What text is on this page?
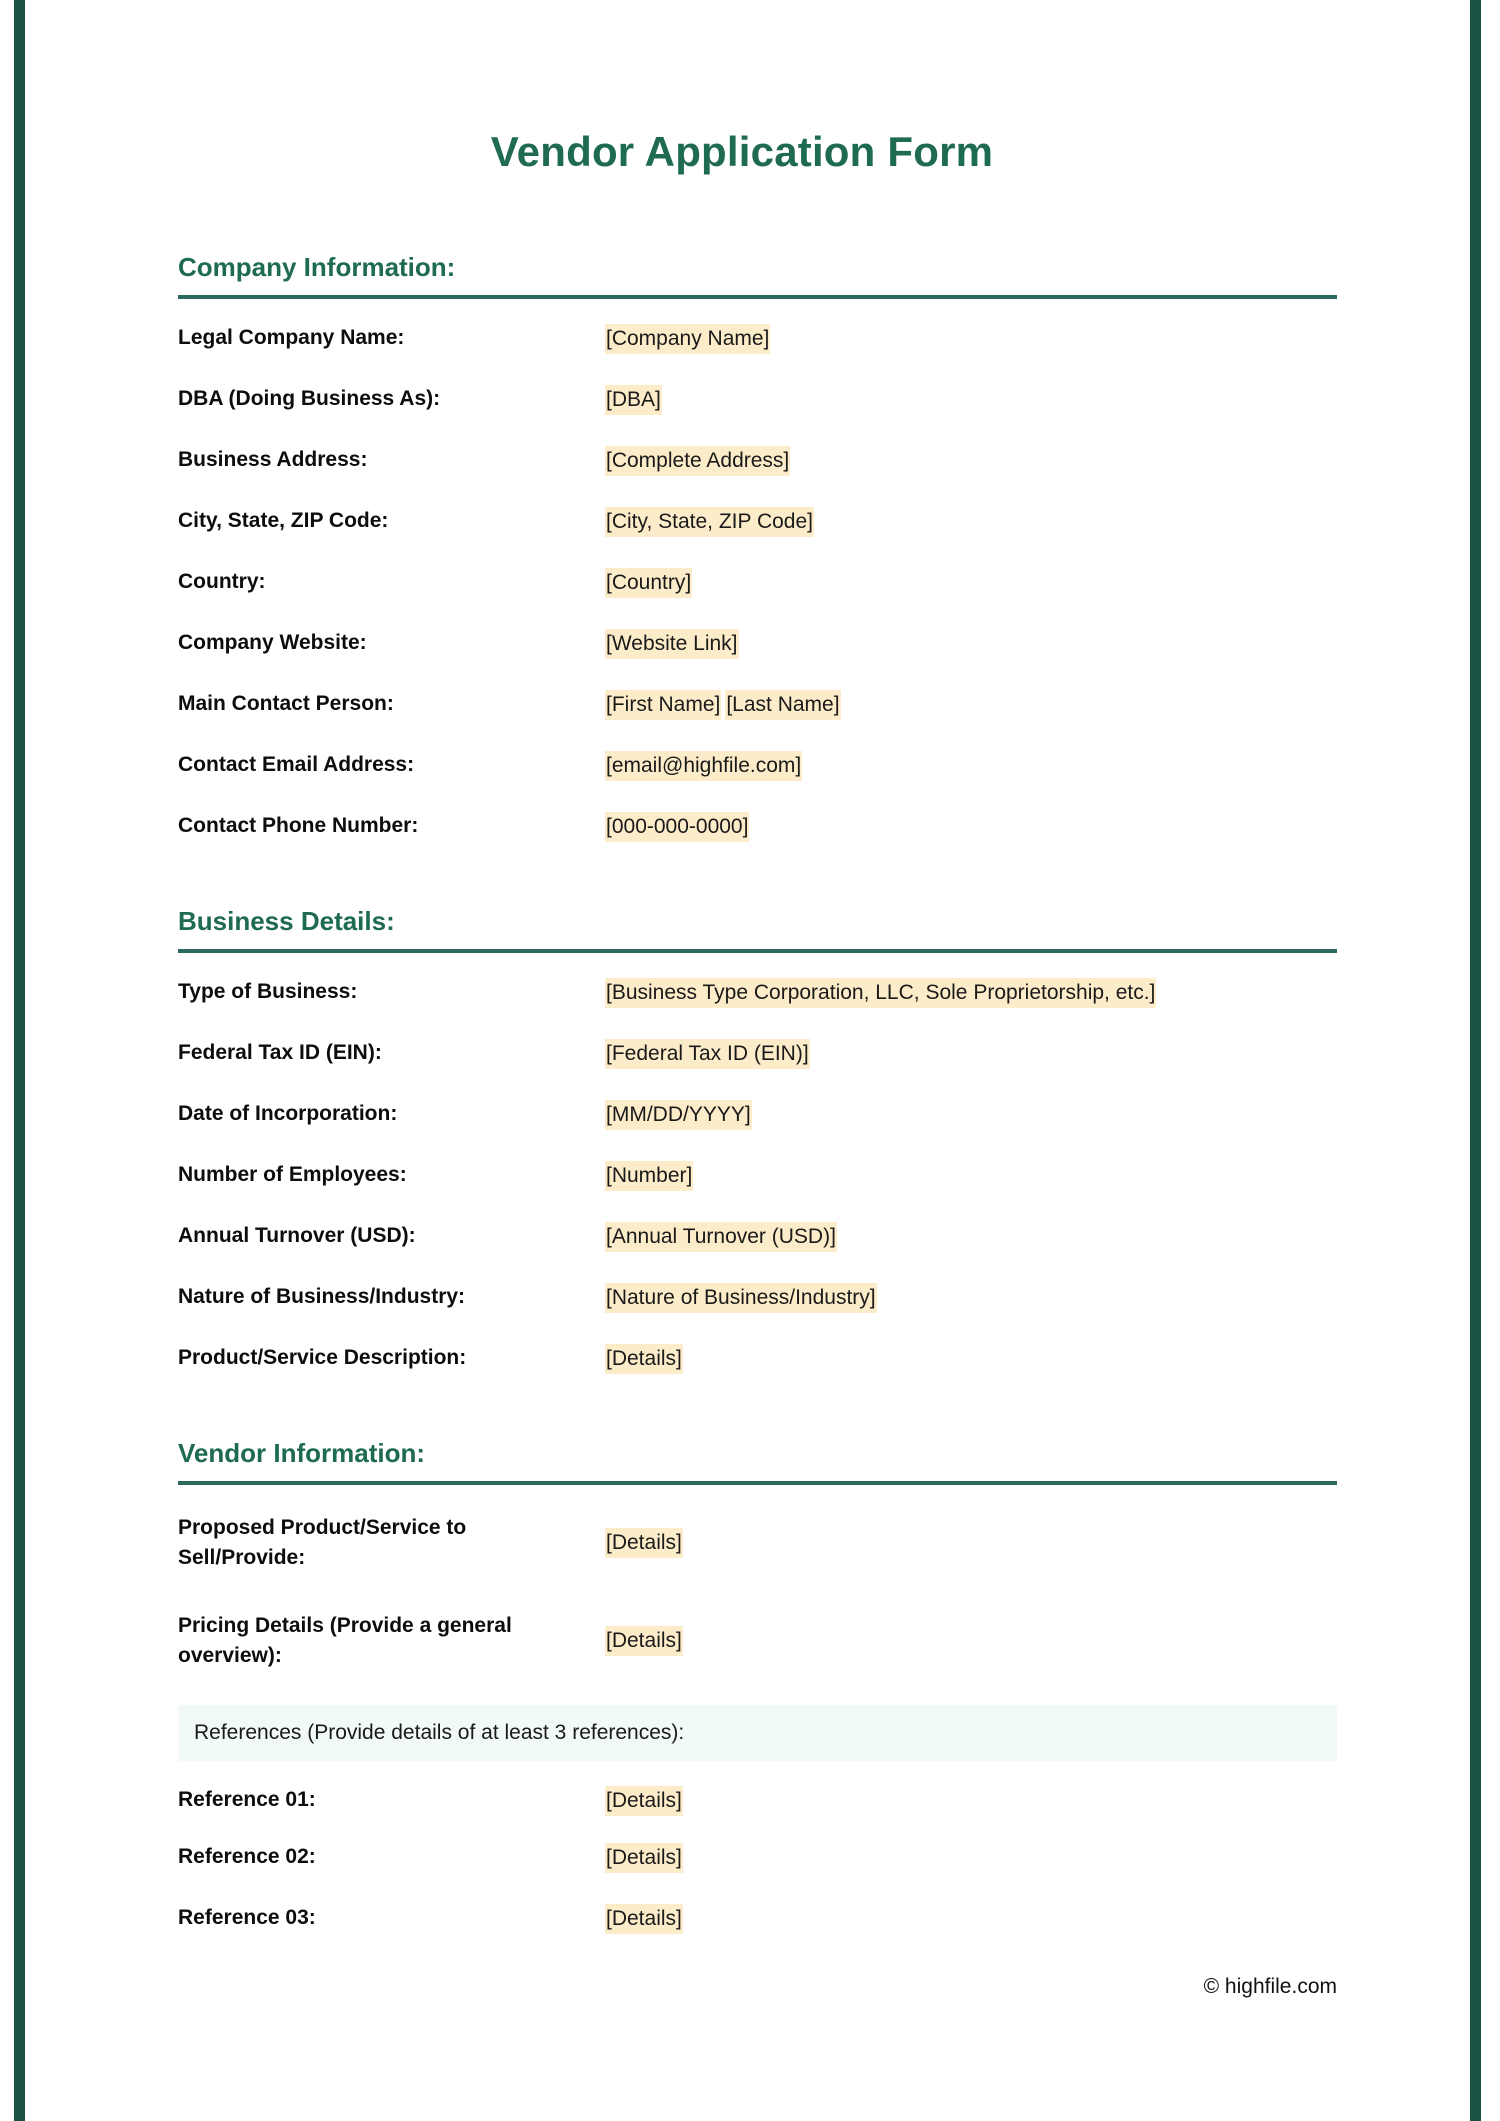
Vendor Application Form
Company Information:
Legal Company Name:	[Company Name]
DBA (Doing Business As):	[DBA]
Business Address:	[Complete Address]
City, State, ZIP Code:	[City, State, ZIP Code]
Country:	[Country]
Company Website:	[Website Link]
Main Contact Person:	[First Name] [Last Name]
Contact Email Address:	[email@highfile.com]
Contact Phone Number:	[000-000-0000]
Business Details:
Type of Business:	[Business Type Corporation, LLC, Sole Proprietorship, etc.]
Federal Tax ID (EIN):	[Federal Tax ID (EIN)]
Date of Incorporation:	[MM/DD/YYYY]
Number of Employees:	[Number]
Annual Turnover (USD):	[Annual Turnover (USD)]
Nature of Business/Industry:	[Nature of Business/Industry]
Product/Service Description:	[Details]
Vendor Information:
Proposed Product/Service to Sell/Provide:
[Details]
Pricing Details (Provide a general overview):
[Details]
References (Provide details of at least 3 references):
Reference 01:	[Details]
Reference 02:	[Details]
Reference 03:	[Details]
© highfile.com
